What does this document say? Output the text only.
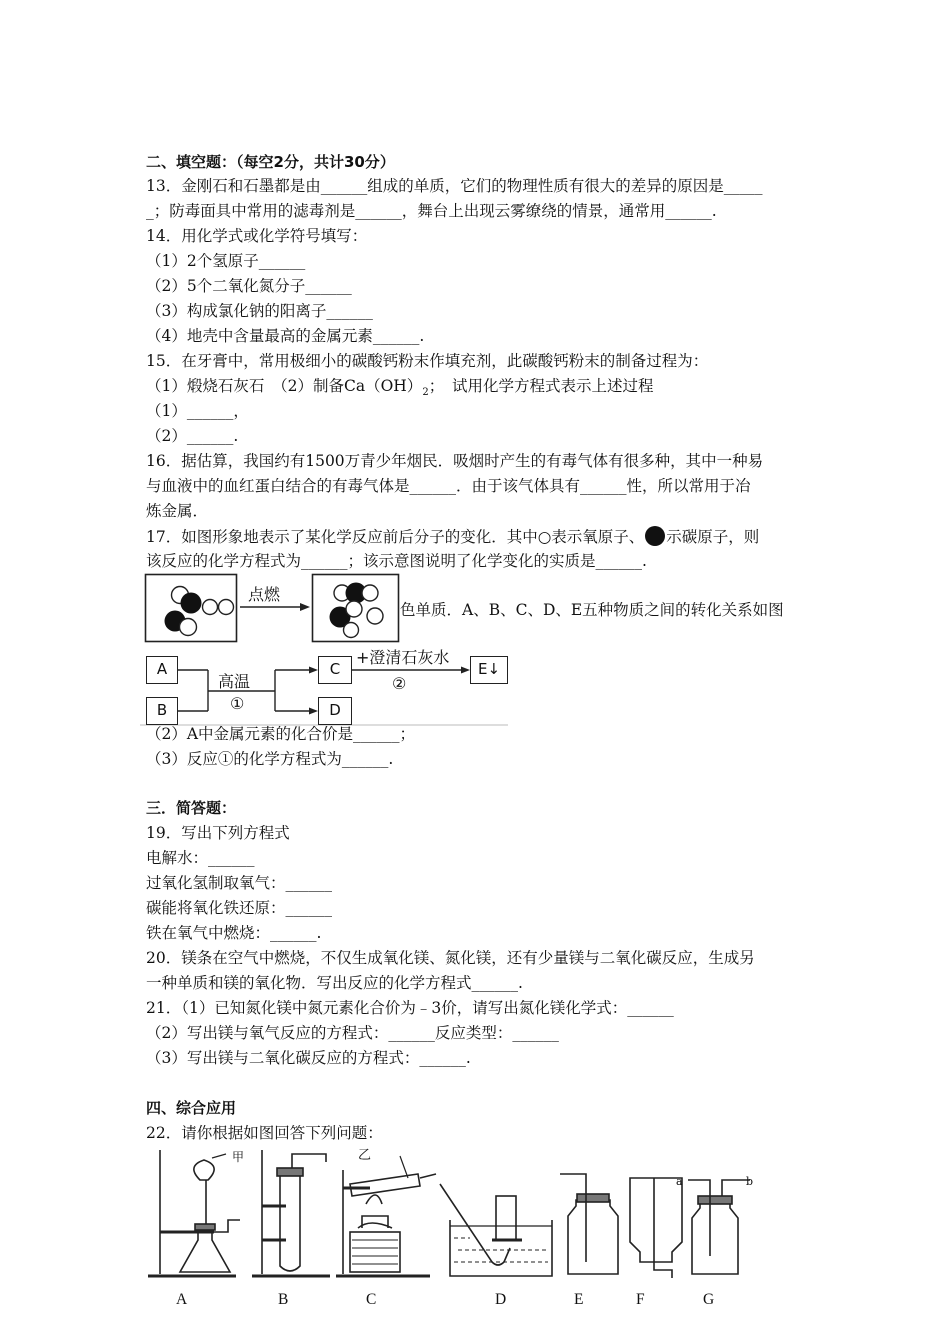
二、填空题：（每空2分，共计30分）
13．金刚石和石墨都是由______组成的单质，它们的物理性质有很大的差异的原因是_____
_；防毒面具中常用的滤毒剂是______，舞台上出现云雾缭绕的情景，通常用______.
14．用化学式或化学符号填写：
（1）2个氢原子______
（2）5个二氧化氮分子______
（3）构成氯化钠的阳离子______
（4）地壳中含量最高的金属元素______.
15．在牙膏中，常用极细小的碳酸钙粉末作填充剂，此碳酸钙粉末的制备过程为：
（1）煅烧石灰石　（2）制备$Ca(OH)_2$；　试用化学方程式表示上述过程
（1）______，
（2）______.
16．据估算，我国约有1500万青少年烟民．吸烟时产生的有毒气体有很多种，其中一种易
与血液中的血红蛋白结合的有毒气体是______．由于该气体具有______性，所以常用于冶
炼金属．
17．如图形象地表示了某化学反应前后分子的变化．其中○表示氧原子、 示碳原子，则
该反应的化学方程式为______；该示意图说明了化学变化的实质是______.
点燃
色单质．A、B、C、D、E五种物质之间的转化关系如图
A
B
C
D
E↓
高温
①
+澄清石灰水
②
（2）A中金属元素的化合价是______；
（3）反应①的化学方程式为______.
三．简答题：
19．写出下列方程式
电解水：______
过氧化氢制取氧气：______
碳能将氧化铁还原：______
铁在氧气中燃烧：______.
20．镁条在空气中燃烧，不仅生成氧化镁、氮化镁，还有少量镁与二氧化碳反应，生成另
一种单质和镁的氧化物．写出反应的化学方程式______.
21．（1）已知氮化镁中氮元素化合价为﹣3价，请写出氮化镁化学式：______
（2）写出镁与氧气反应的方程式：______反应类型：______
（3）写出镁与二氧化碳反应的方程式：______.
四、综合应用
22．请你根据如图回答下列问题：
甲	乙
a	b
A	B	C	D	E	F	G
